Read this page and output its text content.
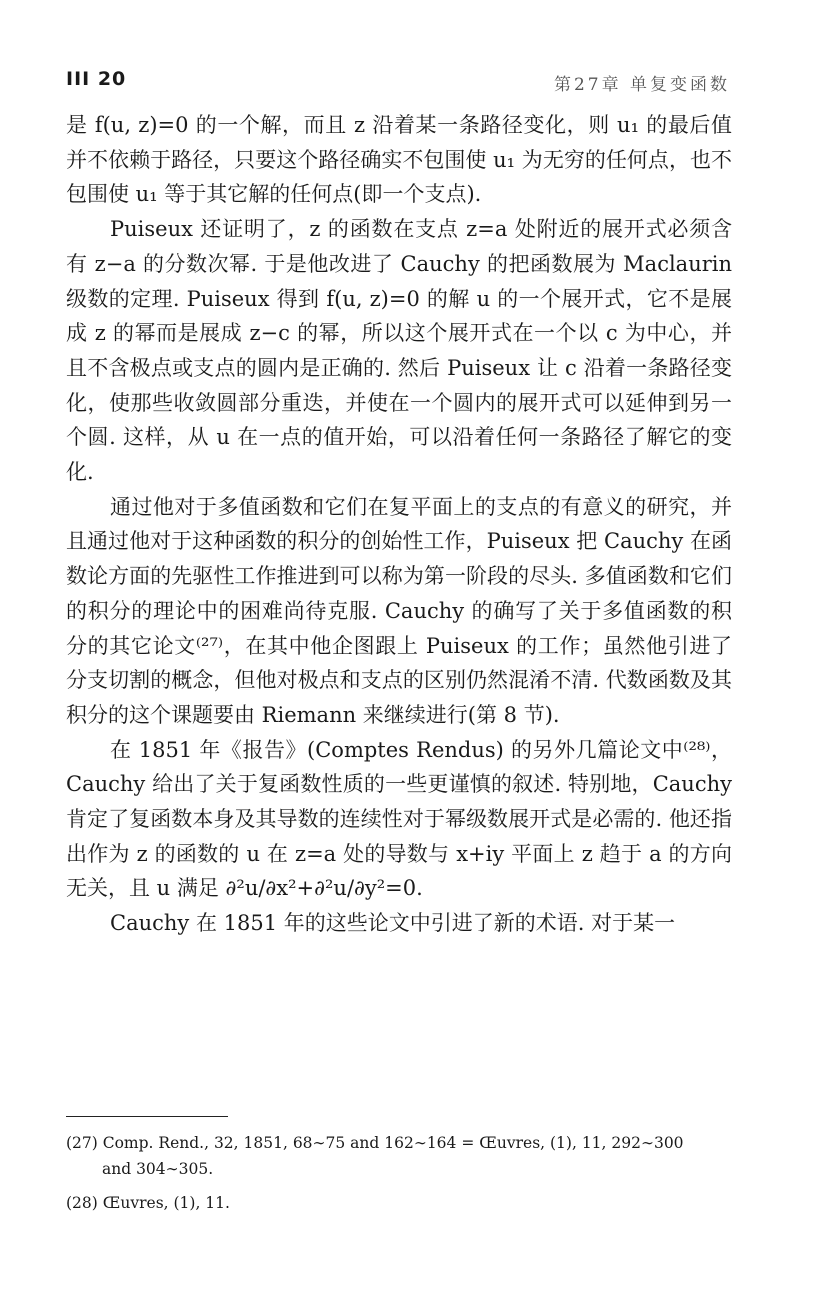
III 20	第27章 单复变函数

是 f(u, z)=0 的一个解，而且 z 沿着某一条路径变化，则 u₁ 的最后值并不依赖于路径，只要这个路径确实不包围使 u₁ 为无穷的任何点，也不包围使 u₁ 等于其它解的任何点(即一个支点).

Puiseux 还证明了，z 的函数在支点 z=a 处附近的展开式必须含有 z−a 的分数次幂. 于是他改进了 Cauchy 的把函数展为 Maclaurin 级数的定理. Puiseux 得到 f(u, z)=0 的解 u 的一个展开式，它不是展成 z 的幂而是展成 z−c 的幂，所以这个展开式在一个以 c 为中心，并且不含极点或支点的圆内是正确的. 然后 Puiseux 让 c 沿着一条路径变化，使那些收敛圆部分重迭，并使在一个圆内的展开式可以延伸到另一个圆. 这样，从 u 在一点的值开始，可以沿着任何一条路径了解它的变化.

通过他对于多值函数和它们在复平面上的支点的有意义的研究，并且通过他对于这种函数的积分的创始性工作，Puiseux 把 Cauchy 在函数论方面的先驱性工作推进到可以称为第一阶段的尽头. 多值函数和它们的积分的理论中的困难尚待克服. Cauchy 的确写了关于多值函数的积分的其它论文⁽²⁷⁾，在其中他企图跟上 Puiseux 的工作；虽然他引进了分支切割的概念，但他对极点和支点的区别仍然混淆不清. 代数函数及其积分的这个课题要由 Riemann 来继续进行(第 8 节).

在 1851 年《报告》(Comptes Rendus) 的另外几篇论文中⁽²⁸⁾，Cauchy 给出了关于复函数性质的一些更谨慎的叙述. 特别地，Cauchy 肯定了复函数本身及其导数的连续性对于幂级数展开式是必需的. 他还指出作为 z 的函数的 u 在 z=a 处的导数与 x+iy 平面上 z 趋于 a 的方向无关，且 u 满足 ∂²u/∂x²+∂²u/∂y²=0.

Cauchy 在 1851 年的这些论文中引进了新的术语. 对于某一

(27) Comp. Rend., 32, 1851, 68∼75 and 162∼164 = Œuvres, (1), 11, 292∼300
and 304∼305.

(28) Œuvres, (1), 11.
